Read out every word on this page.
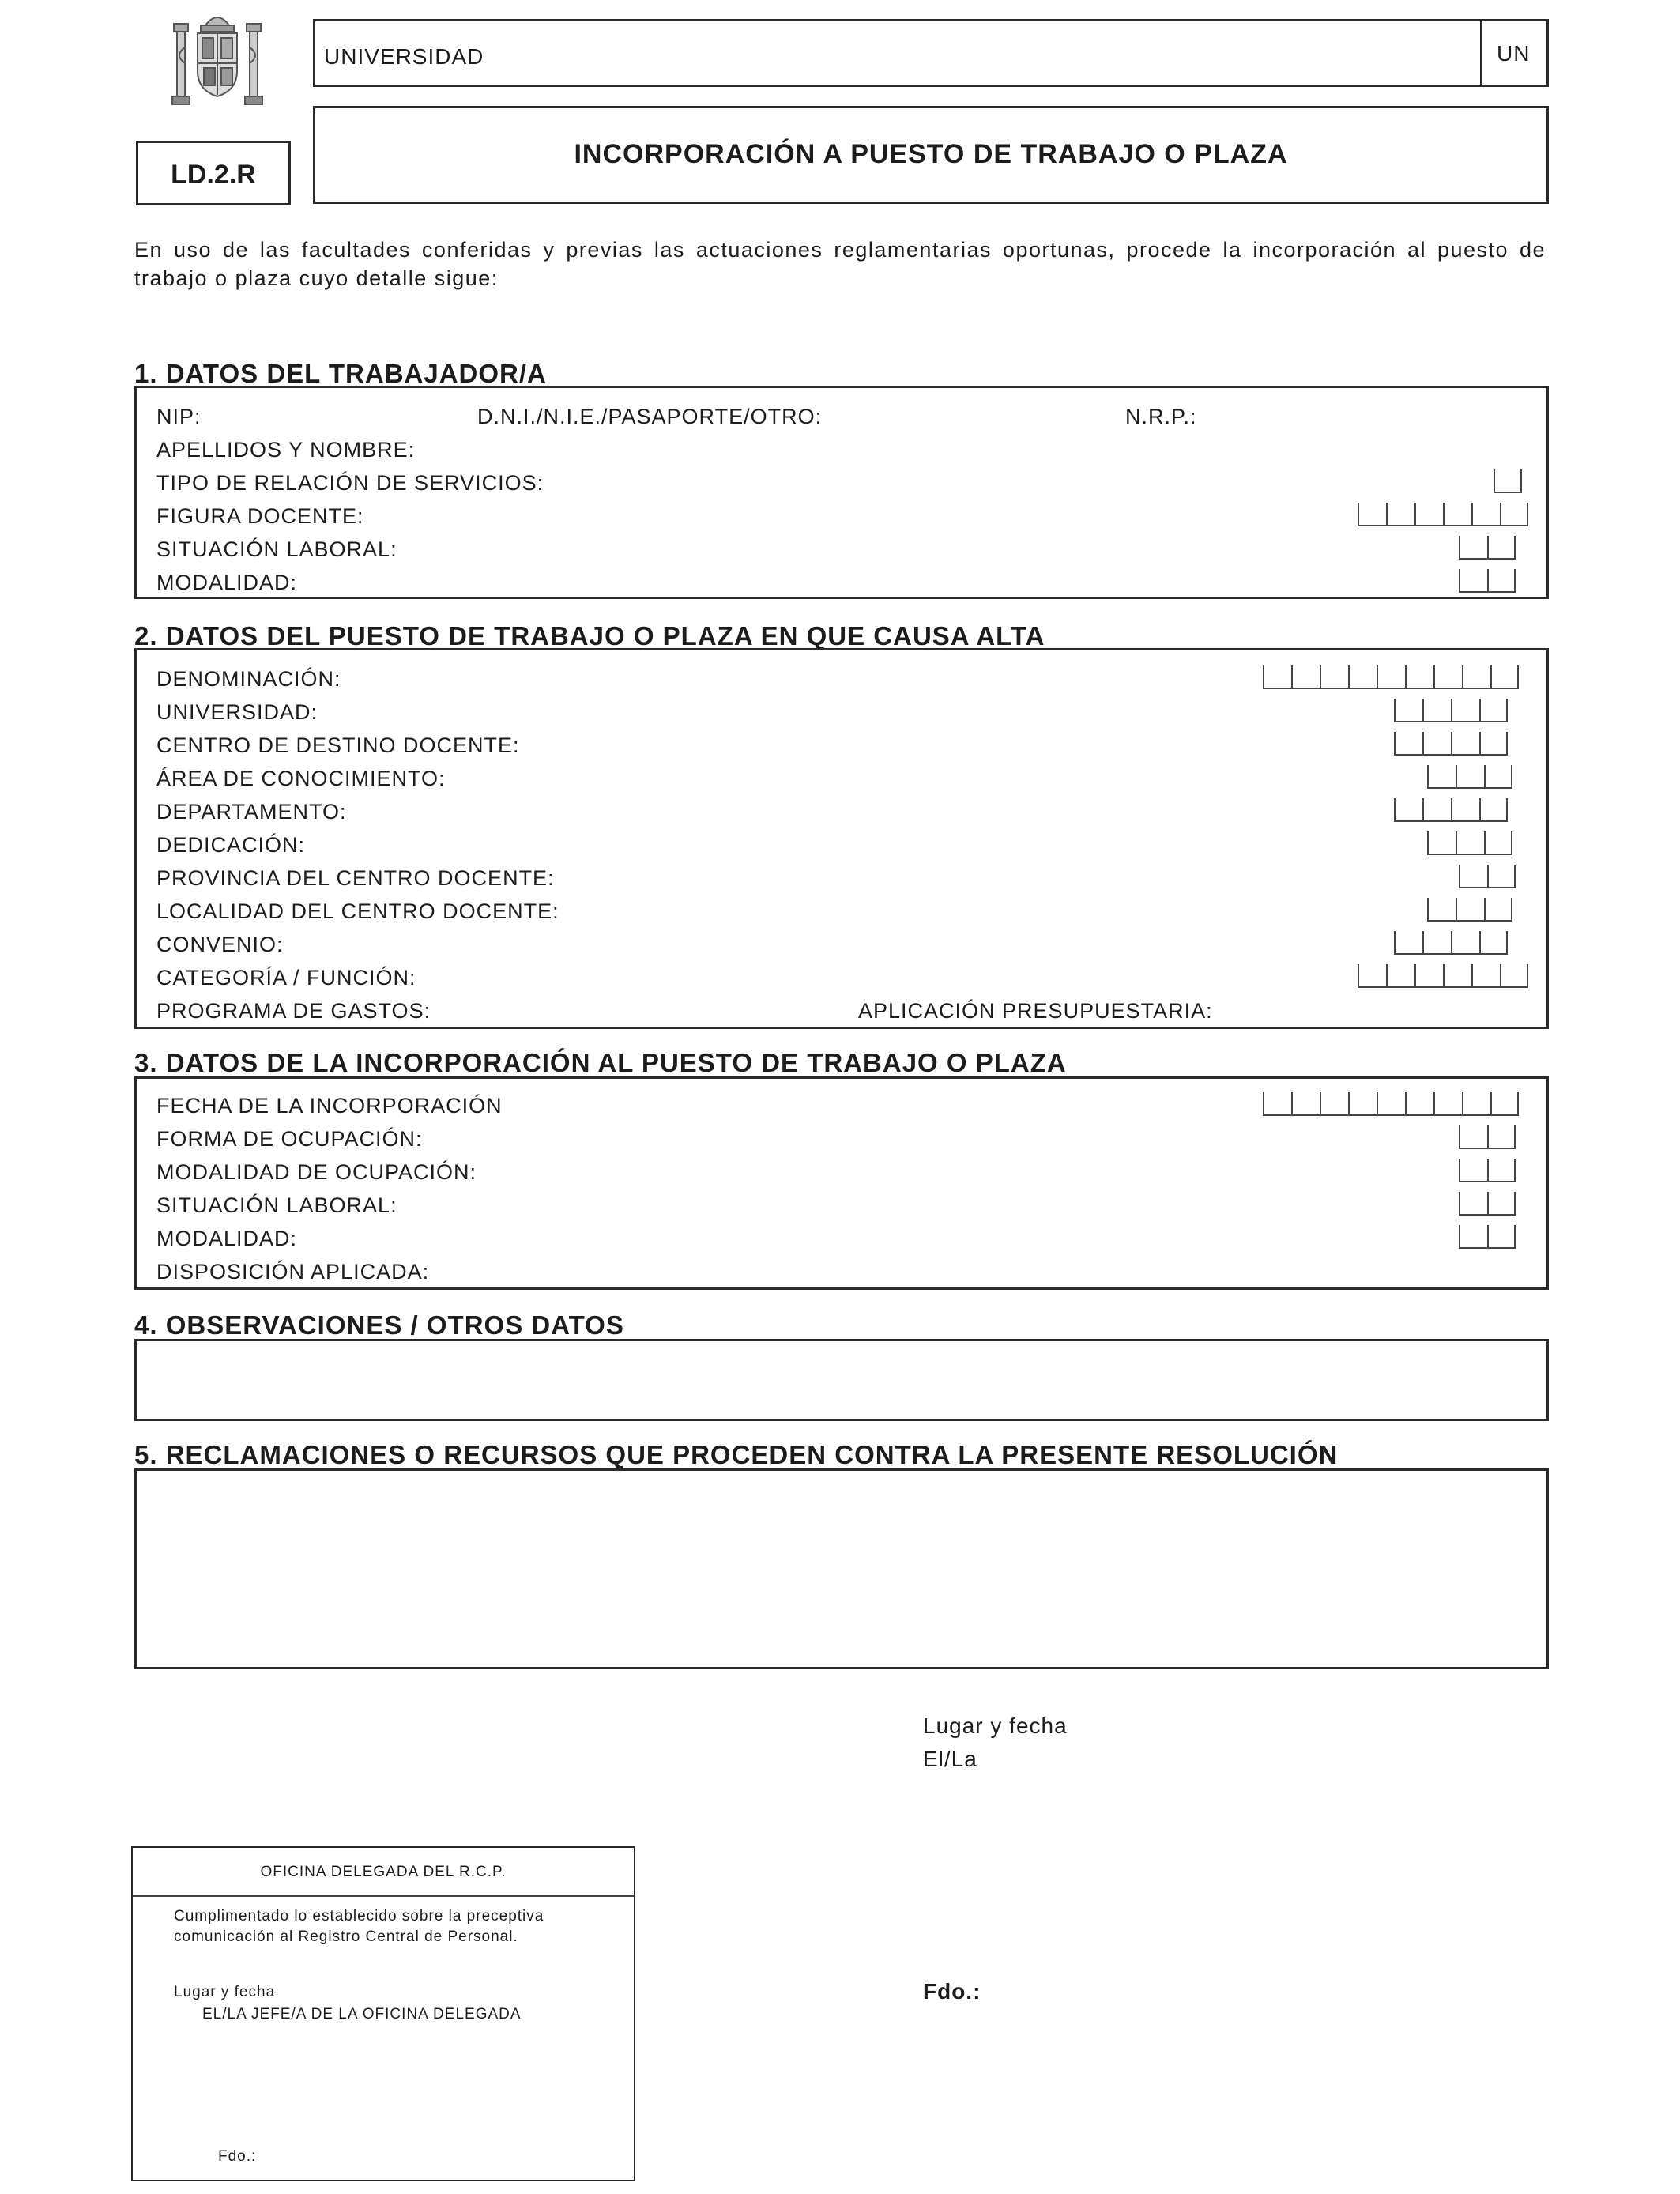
UNIVERSIDAD	UN
LD.2.R
INCORPORACIÓN A PUESTO DE TRABAJO O PLAZA
En uso de las facultades conferidas y previas las actuaciones reglamentarias oportunas, procede la incorporación al puesto de trabajo o plaza cuyo detalle sigue:
1. DATOS DEL TRABAJADOR/A
NIP:	D.N.I./N.I.E./PASAPORTE/OTRO:	N.R.P.:
APELLIDOS Y NOMBRE:
TIPO DE RELACIÓN DE SERVICIOS:
FIGURA DOCENTE:
SITUACIÓN LABORAL:
MODALIDAD:
2. DATOS DEL PUESTO DE TRABAJO O PLAZA EN QUE CAUSA ALTA
DENOMINACIÓN:
UNIVERSIDAD:
CENTRO DE DESTINO DOCENTE:
ÁREA DE CONOCIMIENTO:
DEPARTAMENTO:
DEDICACIÓN:
PROVINCIA DEL CENTRO DOCENTE:
LOCALIDAD DEL CENTRO DOCENTE:
CONVENIO:
CATEGORÍA / FUNCIÓN:
PROGRAMA DE GASTOS:	APLICACIÓN PRESUPUESTARIA:
3. DATOS DE LA INCORPORACIÓN AL PUESTO DE TRABAJO O PLAZA
FECHA DE LA INCORPORACIÓN
FORMA DE OCUPACIÓN:
MODALIDAD DE OCUPACIÓN:
SITUACIÓN LABORAL:
MODALIDAD:
DISPOSICIÓN APLICADA:
4. OBSERVACIONES / OTROS DATOS
5. RECLAMACIONES O RECURSOS QUE PROCEDEN CONTRA LA PRESENTE RESOLUCIÓN
Lugar y fecha
El/La
Fdo.:
OFICINA DELEGADA DEL R.C.P.
Cumplimentado lo establecido sobre la preceptiva
comunicación al Registro Central de Personal.
Lugar y fecha
EL/LA JEFE/A DE LA OFICINA DELEGADA
Fdo.:
